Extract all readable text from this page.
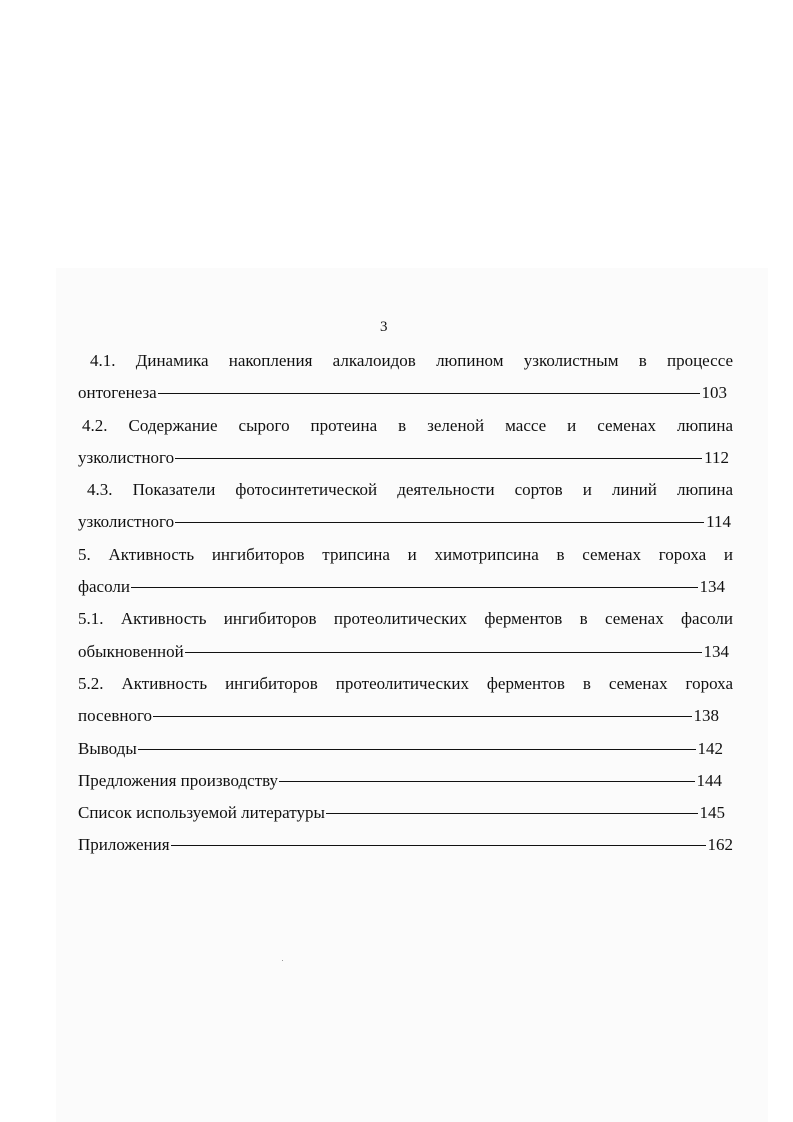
3
4.1. Динамика накопления алкалоидов люпином узколистным в процессе
онтогенеза	103
4.2. Содержание сырого протеина в зеленой массе и семенах люпина
узколистного	112
4.3. Показатели фотосинтетической деятельности сортов и линий люпина
узколистного	114
5. Активность ингибиторов трипсина и химотрипсина в семенах гороха и
фасоли	134
5.1. Активность ингибиторов протеолитических ферментов в семенах фасоли
обыкновенной	134
5.2. Активность ингибиторов протеолитических ферментов в семенах гороха
посевного	138
Выводы	142
Предложения производству	144
Список используемой литературы	145
Приложения	162
